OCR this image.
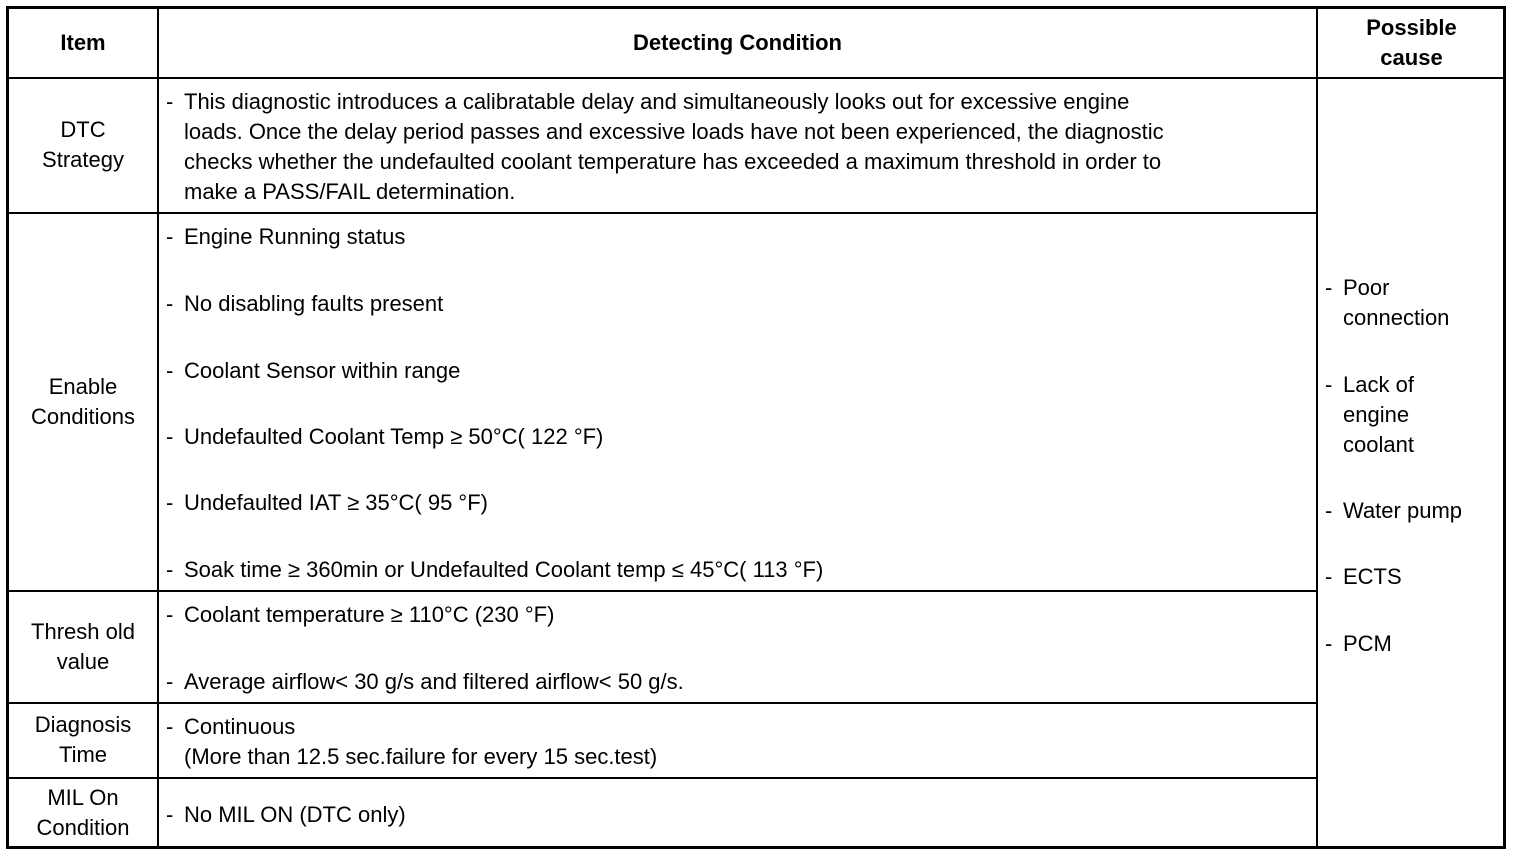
Item	Detecting Condition
Possible
cause
DTC
Strategy
- This diagnostic introduces a calibratable delay and simultaneously looks out for excessive engine
loads. Once the delay period passes and excessive loads have not been experienced, the diagnostic
checks whether the undefaulted coolant temperature has exceeded a maximum threshold in order to
make a PASS/FAIL determination.
Enable
Conditions
- Engine Running status
- No disabling faults present
- Coolant Sensor within range
- Undefaulted Coolant Temp ≥ 50°C( 122 °F)
- Undefaulted IAT ≥ 35°C( 95 °F)
- Soak time ≥ 360min or Undefaulted Coolant temp ≤ 45°C( 113 °F)
Thresh old
value
- Coolant temperature ≥ 110°C (230 °F)
- Average airflow< 30 g/s and filtered airflow< 50 g/s.
Diagnosis
Time
- Continuous
(More than 12.5 sec.failure for every 15 sec.test)
MIL On
Condition
- No MIL ON (DTC only)
- Poor
connection
- Lack of
engine
coolant
- Water pump
- ECTS
- PCM
